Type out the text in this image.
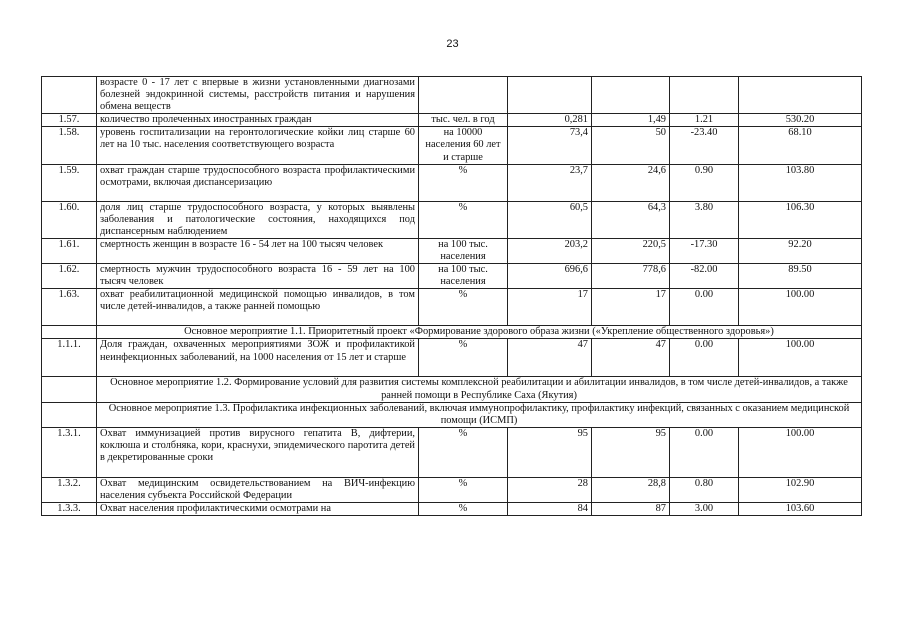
23
	возрасте 0 - 17 лет с впервые в жизни установленными диагнозами болезней эндокринной системы, расстройств питания и нарушения обмена веществ					
1.57.	количество пролеченных иностранных граждан	тыс. чел. в год	0,281	1,49	1.21	530.20
1.58.	уровень госпитализации на геронтологические койки лиц старше 60 лет на 10 тыс. населения соответствующего возраста	на 10000 населения 60 лет и старше	73,4	50	-23.40	68.10
1.59.	охват граждан старше трудоспособного возраста профилактическими осмотрами, включая диспансеризацию	%	23,7	24,6	0.90	103.80
1.60.	доля лиц старше трудоспособного возраста, у которых выявлены заболевания и патологические состояния, находящихся под диспансерным наблюдением	%	60,5	64,3	3.80	106.30
1.61.	смертность женщин в возрасте 16 - 54 лет на 100 тысяч человек	на 100 тыс. населения	203,2	220,5	-17.30	92.20
1.62.	смертность мужчин трудоспособного возраста 16 - 59 лет на 100 тысяч человек	на 100 тыс. населения	696,6	778,6	-82.00	89.50
1.63.	охват реабилитационной медицинской помощью инвалидов, в том числе детей-инвалидов, а также ранней помощью	%	17	17	0.00	100.00
	Основное мероприятие 1.1. Приоритетный проект «Формирование здорового образа жизни («Укрепление общественного здоровья»)					
1.1.1.	Доля граждан, охваченных мероприятиями ЗОЖ и профилактикой неинфекционных заболеваний, на 1000 населения от 15 лет и старше	%	47	47	0.00	100.00
	Основное мероприятие 1.2. Формирование условий для развития системы комплексной реабилитации и абилитации инвалидов, в том числе детей-инвалидов, а также ранней помощи в Республике Саха (Якутия)					
	Основное мероприятие 1.3. Профилактика инфекционных заболеваний, включая иммунопрофилактику, профилактику инфекций, связанных с оказанием медицинской помощи (ИСМП)					
1.3.1.	Охват иммунизацией против вирусного гепатита В, дифтерии, коклюша и столбняка, кори, краснухи, эпидемического паротита детей в декретированные сроки	%	95	95	0.00	100.00
1.3.2.	Охват медицинским освидетельствованием на ВИЧ-инфекцию населения субъекта Российской Федерации	%	28	28,8	0.80	102.90
1.3.3.	Охват населения профилактическими осмотрами на	%	84	87	3.00	103.60
